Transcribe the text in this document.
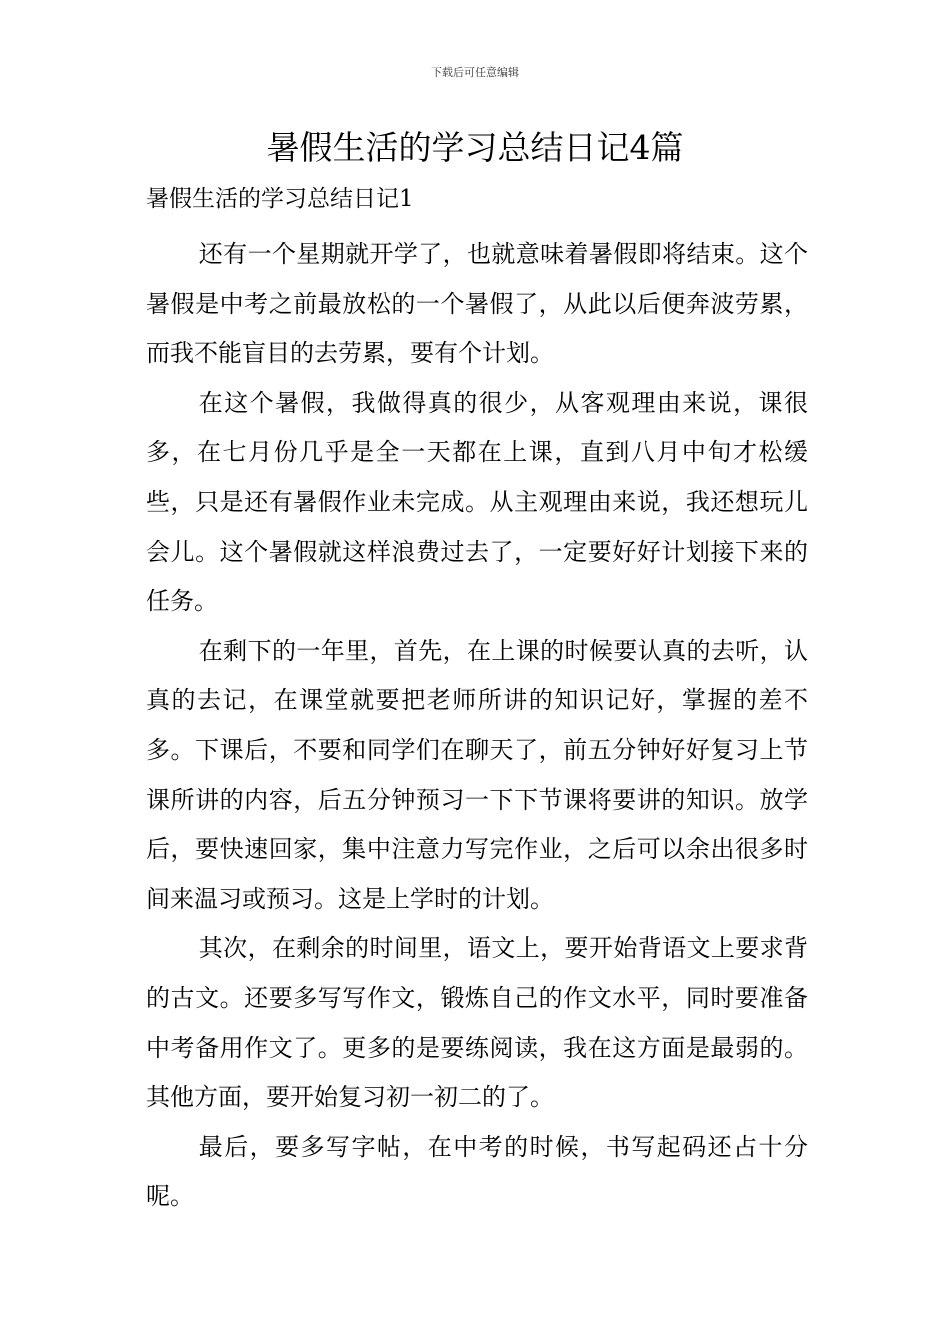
下载后可任意编辑
暑假生活的学习总结日记4篇

暑假生活的学习总结日记1

还有一个星期就开学了，也就意味着暑假即将结束。这个暑假是中考之前最放松的一个暑假了，从此以后便奔波劳累，而我不能盲目的去劳累，要有个计划。

在这个暑假，我做得真的很少，从客观理由来说，课很多，在七月份几乎是全一天都在上课，直到八月中旬才松缓些，只是还有暑假作业未完成。从主观理由来说，我还想玩儿会儿。这个暑假就这样浪费过去了，一定要好好计划接下来的任务。

在剩下的一年里，首先，在上课的时候要认真的去听，认真的去记，在课堂就要把老师所讲的知识记好，掌握的差不多。下课后，不要和同学们在聊天了，前五分钟好好复习上节课所讲的内容，后五分钟预习一下下节课将要讲的知识。放学后，要快速回家，集中注意力写完作业，之后可以余出很多时间来温习或预习。这是上学时的计划。

其次，在剩余的时间里，语文上，要开始背语文上要求背的古文。还要多写写作文，锻炼自己的作文水平，同时要准备中考备用作文了。更多的是要练阅读，我在这方面是最弱的。其他方面，要开始复习初一初二的了。

最后，要多写字帖，在中考的时候，书写起码还占十分呢。
